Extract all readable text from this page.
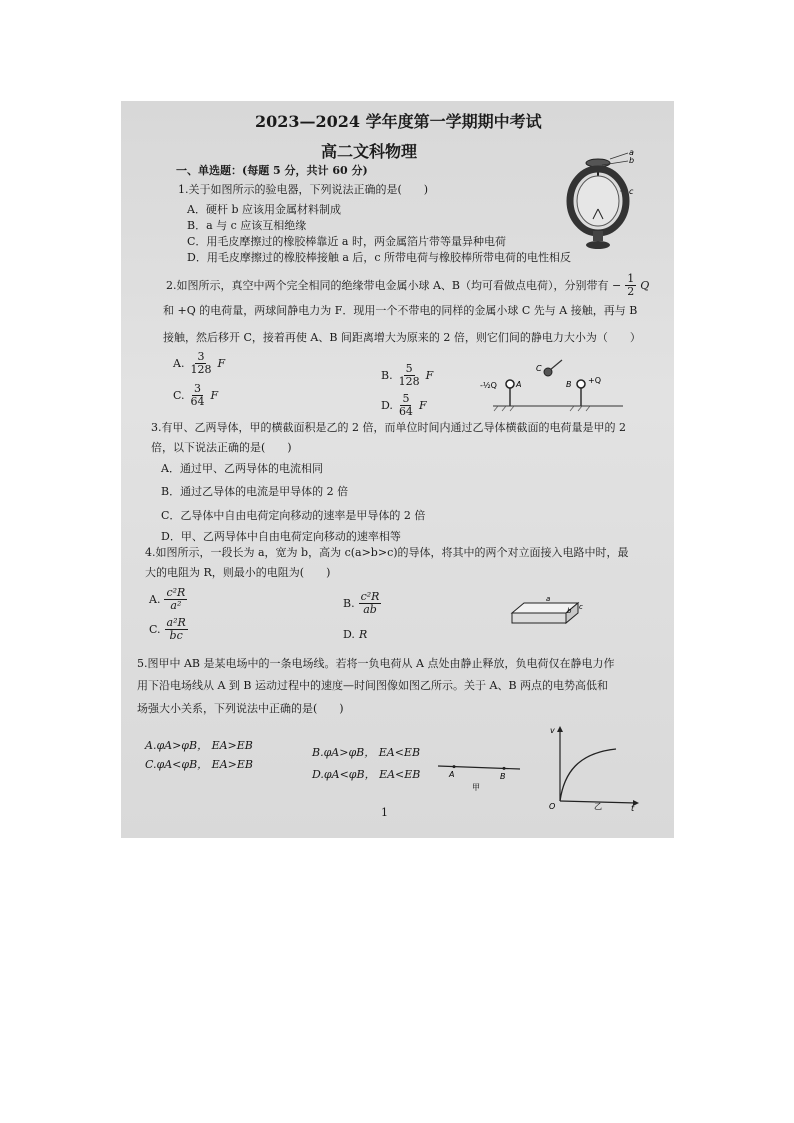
2023—2024 学年度第一学期期中考试
高二文科物理
一、单选题：(每题 5 分，共计 60 分)
1.关于如图所示的验电器，下列说法正确的是(　　)
A．硬杆 b 应该用金属材料制成
B．a 与 c 应该互相绝缘
C．用毛皮摩擦过的橡胶棒靠近 a 时，两金属箔片带等量异种电荷
D．用毛皮摩擦过的橡胶棒接触 a 后，c 所带电荷与橡胶棒所带电荷的电性相反
a
b
c
2.如图所示，真空中两个完全相同的绝缘带电金属小球 A、B（均可看做点电荷），分别带有 − $\frac{1}{2}$ Q
和 +Q 的电荷量，两球间静电力为 F．现用一个不带电的同样的金属小球 C 先与 A 接触，再与 B
接触，然后移开 C，接着再使 A、B 间距离增大为原来的 2 倍，则它们间的静电力大小为（　　）
A. $\frac{3}{128}$ F
B. $\frac{5}{128}$ F
C. $\frac{3}{64}$ F
D. $\frac{5}{64}$ F
-½Q A
C
B +Q
3.有甲、乙两导体，甲的横截面积是乙的 2 倍，而单位时间内通过乙导体横截面的电荷量是甲的 2
倍，以下说法正确的是(　　)
A．通过甲、乙两导体的电流相同
B．通过乙导体的电流是甲导体的 2 倍
C．乙导体中自由电荷定向移动的速率是甲导体的 2 倍
D．甲、乙两导体中自由电荷定向移动的速率相等
4.如图所示，一段长为 a，宽为 b，高为 c(a>b>c)的导体，将其中的两个对立面接入电路中时，最
大的电阻为 R，则最小的电阻为(　　)
A. $\frac{\text{c²R}}{\text{a²}}$	B. $\frac{\text{c²R}}{ab}$
C. $\frac{\text{a²R}}{bc}$	D. R
a
b c
5.图甲中 AB 是某电场中的一条电场线。若将一负电荷从 A 点处由静止释放，负电荷仅在静电力作
用下沿电场线从 A 到 B 运动过程中的速度—时间图像如图乙所示。关于 A、B 两点的电势高低和
场强大小关系，下列说法中正确的是(　　)
A.φA>φB， EA>EB
C.φA<φB， EA>EB
B.φA>φB， EA<EB
D.φA<φB， EA<EB	A	B
甲
v
O	t
乙
1
